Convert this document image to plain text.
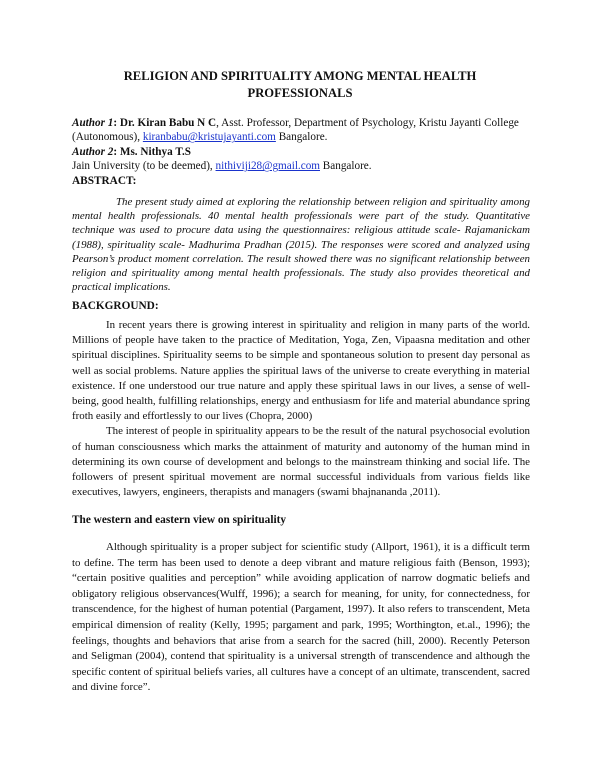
RELIGION AND SPIRITUALITY AMONG MENTAL HEALTH
PROFESSIONALS
Author 1: Dr. Kiran Babu N C, Asst. Professor, Department of Psychology, Kristu Jayanti College (Autonomous), kiranbabu@kristujayanti.com Bangalore.
Author 2: Ms. Nithya T.S
Jain University (to be deemed), nithiviji28@gmail.com Bangalore.
ABSTRACT:
The present study aimed at exploring the relationship between religion and spirituality among mental health professionals. 40 mental health professionals were part of the study. Quantitative technique was used to procure data using the questionnaires: religious attitude scale- Rajamanickam (1988), spirituality scale- Madhurima Pradhan (2015). The responses were scored and analyzed using Pearson’s product moment correlation. The result showed there was no significant relationship between religion and spirituality among mental health professionals. The study also provides theoretical and practical implications.
BACKGROUND:

In recent years there is growing interest in spirituality and religion in many parts of the world. Millions of people have taken to the practice of Meditation, Yoga, Zen, Vipaasna meditation and other spiritual disciplines. Spirituality seems to be simple and spontaneous solution to present day personal as well as social problems. Nature applies the spiritual laws of the universe to create everything in material existence. If one understood our true nature and apply these spiritual laws in our lives, a sense of well-being, good health, fulfilling relationships, energy and enthusiasm for life and material abundance spring froth easily and effortlessly to our lives (Chopra, 2000)

The interest of people in spirituality appears to be the result of the natural psychosocial evolution of human consciousness which marks the attainment of maturity and autonomy of the human mind in determining its own course of development and belongs to the mainstream thinking and social life. The followers of present spiritual movement are normal successful individuals from various fields like executives, lawyers, engineers, therapists and managers (swami bhajnananda ,2011).

The western and eastern view on spirituality

Although spirituality is a proper subject for scientific study (Allport, 1961), it is a difficult term to define. The term has been used to denote a deep vibrant and mature religious faith (Benson, 1993); “certain positive qualities and perception” while avoiding application of narrow dogmatic beliefs and obligatory religious observances(Wulff, 1996); a search for meaning, for unity, for connectedness, for transcendence, for the highest of human potential (Pargament, 1997). It also refers to transcendent, Meta empirical dimension of reality (Kelly, 1995; pargament and park, 1995; Worthington, et.al., 1996); the feelings, thoughts and behaviors that arise from a search for the sacred (hill, 2000). Recently Peterson and Seligman (2004), contend that spirituality is a universal strength of transcendence and although the specific content of spiritual beliefs varies, all cultures have a concept of an ultimate, transcendent, sacred and divine force”.
